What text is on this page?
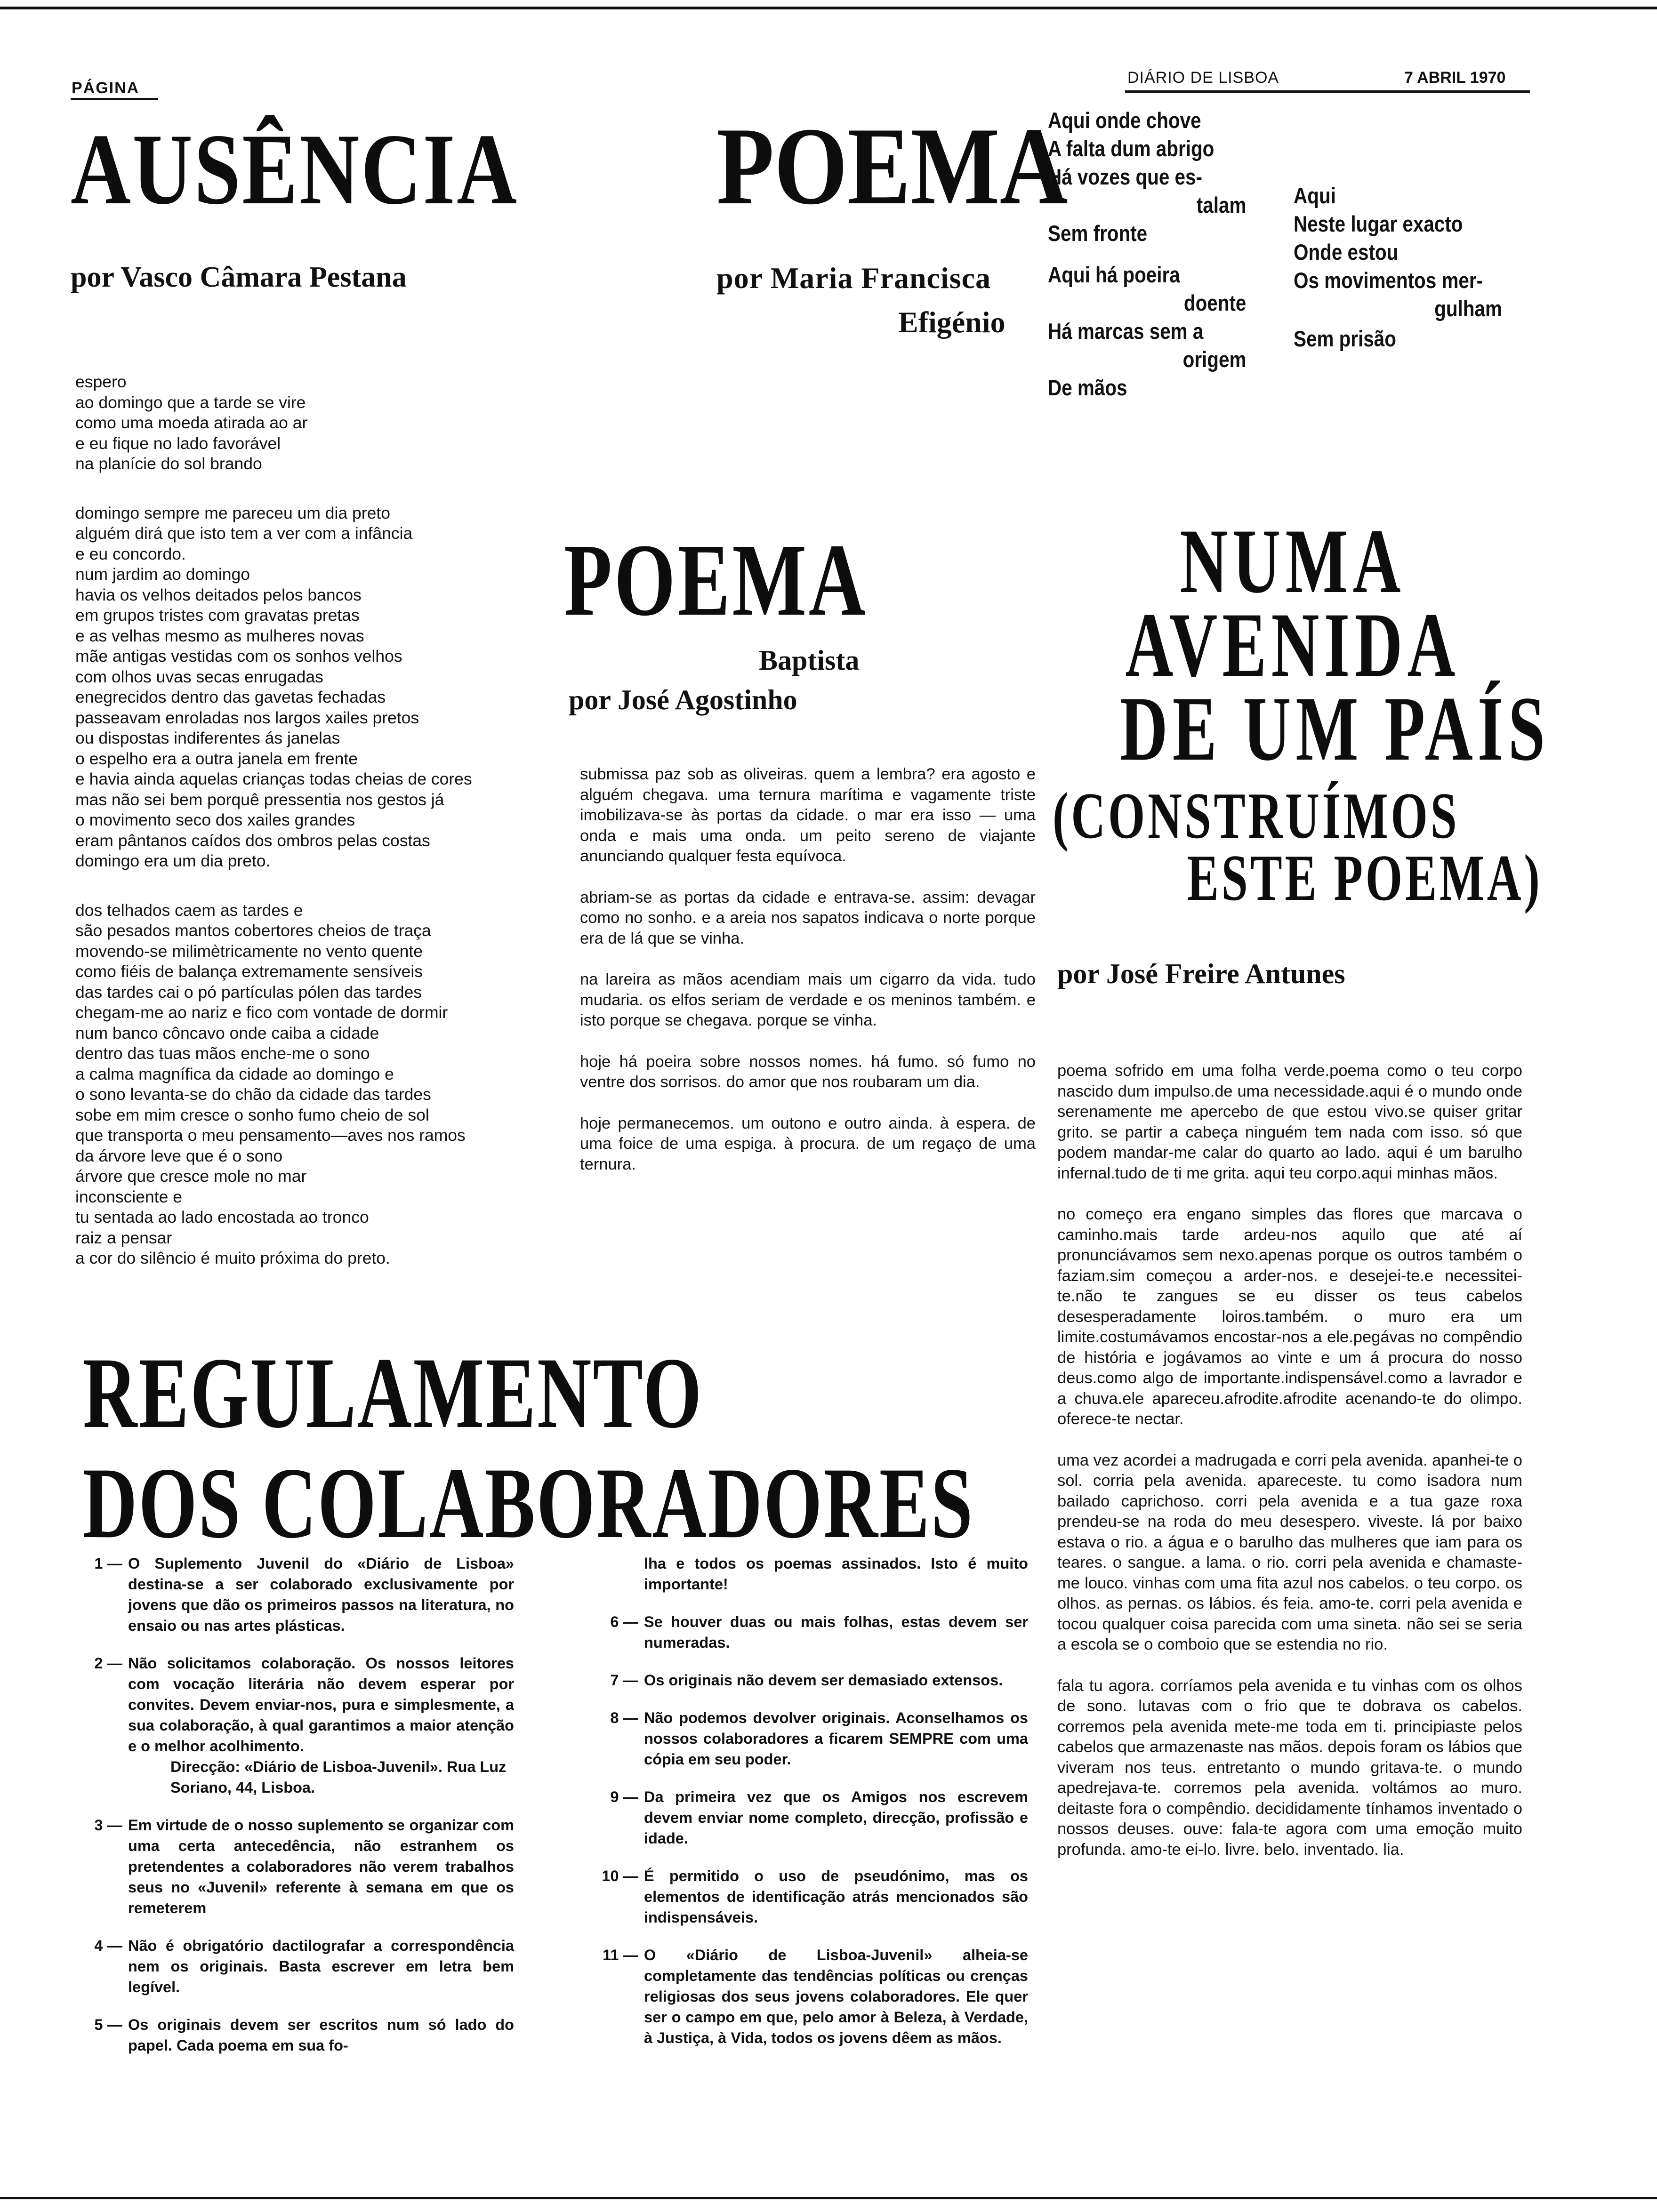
PÁGINA
DIÁRIO DE LISBOA	7 ABRIL 1970
AUSÊNCIA
por Vasco Câmara Pestana
espero
ao domingo que a tarde se vire
como uma moeda atirada ao ar
e eu fique no lado favorável
na planície do sol brando
domingo sempre me pareceu um dia preto
alguém dirá que isto tem a ver com a infância
e eu concordo.
num jardim ao domingo
havia os velhos deitados pelos bancos
em grupos tristes com gravatas pretas
e as velhas mesmo as mulheres novas
mãe antigas vestidas com os sonhos velhos
com olhos uvas secas enrugadas
enegrecidos dentro das gavetas fechadas
passeavam enroladas nos largos xailes pretos
ou dispostas indiferentes ás janelas
o espelho era a outra janela em frente
e havia ainda aquelas crianças todas cheias de cores
mas não sei bem porquê pressentia nos gestos já
o movimento seco dos xailes grandes
eram pântanos caídos dos ombros pelas costas
domingo era um dia preto.
dos telhados caem as tardes e
são pesados mantos cobertores cheios de traça
movendo-se milimètricamente no vento quente
como fiéis de balança extremamente sensíveis
das tardes cai o pó partículas pólen das tardes
chegam-me ao nariz e fico com vontade de dormir
num banco côncavo onde caiba a cidade
dentro das tuas mãos enche-me o sono
a calma magnífica da cidade ao domingo e
o sono levanta-se do chão da cidade das tardes
sobe em mim cresce o sonho fumo cheio de sol
que transporta o meu pensamento—aves nos ramos
da árvore leve que é o sono
árvore que cresce mole no mar
inconsciente e
tu sentada ao lado encostada ao tronco
raiz a pensar
a cor do silêncio é muito próxima do preto.
POEMA
por Maria Francisca
Efigénio
Aqui onde chove
A falta dum abrigo
Há vozes que es-
talam
Sem fronte
Aqui há poeira
doente
Há marcas sem a
origem
De mãos
Aqui
Neste lugar exacto
Onde estou
Os movimentos mer-
gulham
Sem prisão
POEMA
Baptista
por José Agostinho

submissa paz sob as oliveiras. quem a lembra? era agosto e alguém chegava. uma ternura marítima e vagamente triste imobilizava-se às portas da cidade. o mar era isso — uma onda e mais uma onda. um peito sereno de viajante anunciando qualquer festa equívoca.

abriam-se as portas da cidade e entrava-se. assim: devagar como no sonho. e a areia nos sapatos indicava o norte porque era de lá que se vinha.

na lareira as mãos acendiam mais um cigarro da vida. tudo mudaria. os elfos seriam de verdade e os meninos também. e isto porque se chegava. porque se vinha.

hoje há poeira sobre nossos nomes. há fumo. só fumo no ventre dos sorrisos. do amor que nos roubaram um dia.

hoje permanecemos. um outono e outro ainda. à espera. de uma foice de uma espiga. à procura. de um regaço de uma ternura.

NUMA
AVENIDA
DE UM PAÍS
(CONSTRUÍMOS
ESTE POEMA)
por José Freire Antunes

poema sofrido em uma folha verde.poema como o teu corpo nascido dum impulso.de uma necessidade.aqui é o mundo onde serenamente me apercebo de que estou vivo.se quiser gritar grito. se partir a cabeça ninguém tem nada com isso. só que podem mandar-me calar do quarto ao lado. aqui é um barulho infernal.tudo de ti me grita. aqui teu corpo.aqui minhas mãos.

no começo era engano simples das flores que marcava o caminho.mais tarde ardeu-nos aquilo que até aí pronunciávamos sem nexo.apenas porque os outros também o faziam.sim começou a arder-nos. e desejei-te.e necessitei-te.não te zangues se eu disser os teus cabelos desesperadamente loiros.também. o muro era um limite.costumávamos encostar-nos a ele.pegávas no compêndio de história e jogávamos ao vinte e um á procura do nosso deus.como algo de importante.indispensável.como a lavrador e a chuva.ele apareceu.afrodite.afrodite acenando-te do olimpo. oferece-te nectar.

uma vez acordei a madrugada e corri pela avenida. apanhei-te o sol. corria pela avenida. apareceste. tu como isadora num bailado caprichoso. corri pela avenida e a tua gaze roxa prendeu-se na roda do meu desespero. viveste. lá por baixo estava o rio. a água e o barulho das mulheres que iam para os teares. o sangue. a lama. o rio. corri pela avenida e chamaste-me louco. vinhas com uma fita azul nos cabelos. o teu corpo. os olhos. as pernas. os lábios. és feia. amo-te. corri pela avenida e tocou qualquer coisa parecida com uma sineta. não sei se seria a escola se o comboio que se estendia no rio.

fala tu agora. corríamos pela avenida e tu vinhas com os olhos de sono. lutavas com o frio que te dobrava os cabelos. corremos pela avenida mete-me toda em ti. principiaste pelos cabelos que armazenaste nas mãos. depois foram os lábios que viveram nos teus. entretanto o mundo gritava-te. o mundo apedrejava-te. corremos pela avenida. voltámos ao muro. deitaste fora o compêndio. decididamente tínhamos inventado o nossos deuses. ouve: fala-te agora com uma emoção muito profunda. amo-te ei-lo. livre. belo. inventado. lia.

REGULAMENTO
DOS COLABORADORES
1 — O Suplemento Juvenil do «Diário de Lisboa» destina-se a ser colaborado exclusivamente por jovens que dão os primeiros passos na literatura, no ensaio ou nas artes plásticas.
2 — Não solicitamos colaboração. Os nossos leitores com vocação literária não devem esperar por convites. Devem enviar-nos, pura e simplesmente, a sua colaboração, à qual garantimos a maior atenção e o melhor acolhimento.
Direcção: «Diário de Lisboa-Juvenil». Rua Luz Soriano, 44, Lisboa.
3 — Em virtude de o nosso suplemento se organizar com uma certa antecedência, não estranhem os pretendentes a colaboradores não verem trabalhos seus no «Juvenil» referente à semana em que os remeterem
4 — Não é obrigatório dactilografar a correspondência nem os originais. Basta escrever em letra bem legível.
5 — Os originais devem ser escritos num só lado do papel. Cada poema em sua fo-
lha e todos os poemas assinados. Isto é muito importante!
6 — Se houver duas ou mais folhas, estas devem ser numeradas.
7 — Os originais não devem ser demasiado extensos.
8 — Não podemos devolver originais. Aconselhamos os nossos colaboradores a ficarem SEMPRE com uma cópia em seu poder.
9 — Da primeira vez que os Amigos nos escrevem devem enviar nome completo, direcção, profissão e idade.
10 — É permitido o uso de pseudónimo, mas os elementos de identificação atrás mencionados são indispensáveis.
11 — O «Diário de Lisboa-Juvenil» alheia-se completamente das tendências políticas ou crenças religiosas dos seus jovens colaboradores. Ele quer ser o campo em que, pelo amor à Beleza, à Verdade, à Justiça, à Vida, todos os jovens dêem as mãos.
